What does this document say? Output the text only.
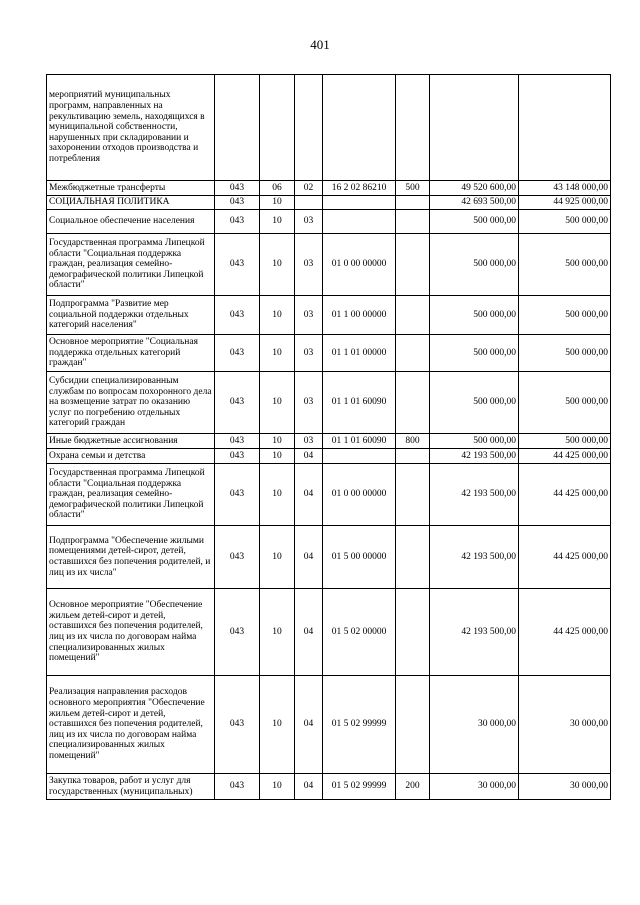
401
мероприятий муниципальных программ, направленных на рекультивацию земель, находящихся в муниципальной собственности, нарушенных при складировании и захоронении отходов производства и потребления							
Межбюджетные трансферты	043	06	02	16 2 02 86210	500	49 520 600,00	43 148 000,00
СОЦИАЛЬНАЯ ПОЛИТИКА	043	10				42 693 500,00	44 925 000,00
Социальное обеспечение населения	043	10	03			500 000,00	500 000,00
Государственная программа Липецкой области "Социальная поддержка граждан, реализация семейно-демографической политики Липецкой области"	043	10	03	01 0 00 00000		500 000,00	500 000,00
Подпрограмма "Развитие мер социальной поддержки отдельных категорий населения"	043	10	03	01 1 00 00000		500 000,00	500 000,00
Основное мероприятие "Социальная поддержка отдельных категорий граждан"	043	10	03	01 1 01 00000		500 000,00	500 000,00
Субсидии специализированным службам по вопросам похоронного дела на возмещение затрат по оказанию услуг по погребению отдельных категорий граждан	043	10	03	01 1 01 60090		500 000,00	500 000,00
Иные бюджетные ассигнования	043	10	03	01 1 01 60090	800	500 000,00	500 000,00
Охрана семьи и детства	043	10	04			42 193 500,00	44 425 000,00
Государственная программа Липецкой области "Социальная поддержка граждан, реализация семейно-демографической политики Липецкой области"	043	10	04	01 0 00 00000		42 193 500,00	44 425 000,00
Подпрограмма "Обеспечение жилыми помещениями детей-сирот, детей, оставшихся без попечения родителей, и лиц из их числа"	043	10	04	01 5 00 00000		42 193 500,00	44 425 000,00
Основное мероприятие "Обеспечение жильем детей-сирот и детей, оставшихся без попечения родителей, лиц из их числа по договорам найма специализированных жилых помещений"	043	10	04	01 5 02 00000		42 193 500,00	44 425 000,00
Реализация направления расходов основного мероприятия "Обеспечение жильем детей-сирот и детей, оставшихся без попечения родителей, лиц из их числа по договорам найма специализированных жилых помещений"	043	10	04	01 5 02 99999		30 000,00	30 000,00
Закупка товаров, работ и услуг для государственных (муниципальных)	043	10	04	01 5 02 99999	200	30 000,00	30 000,00
